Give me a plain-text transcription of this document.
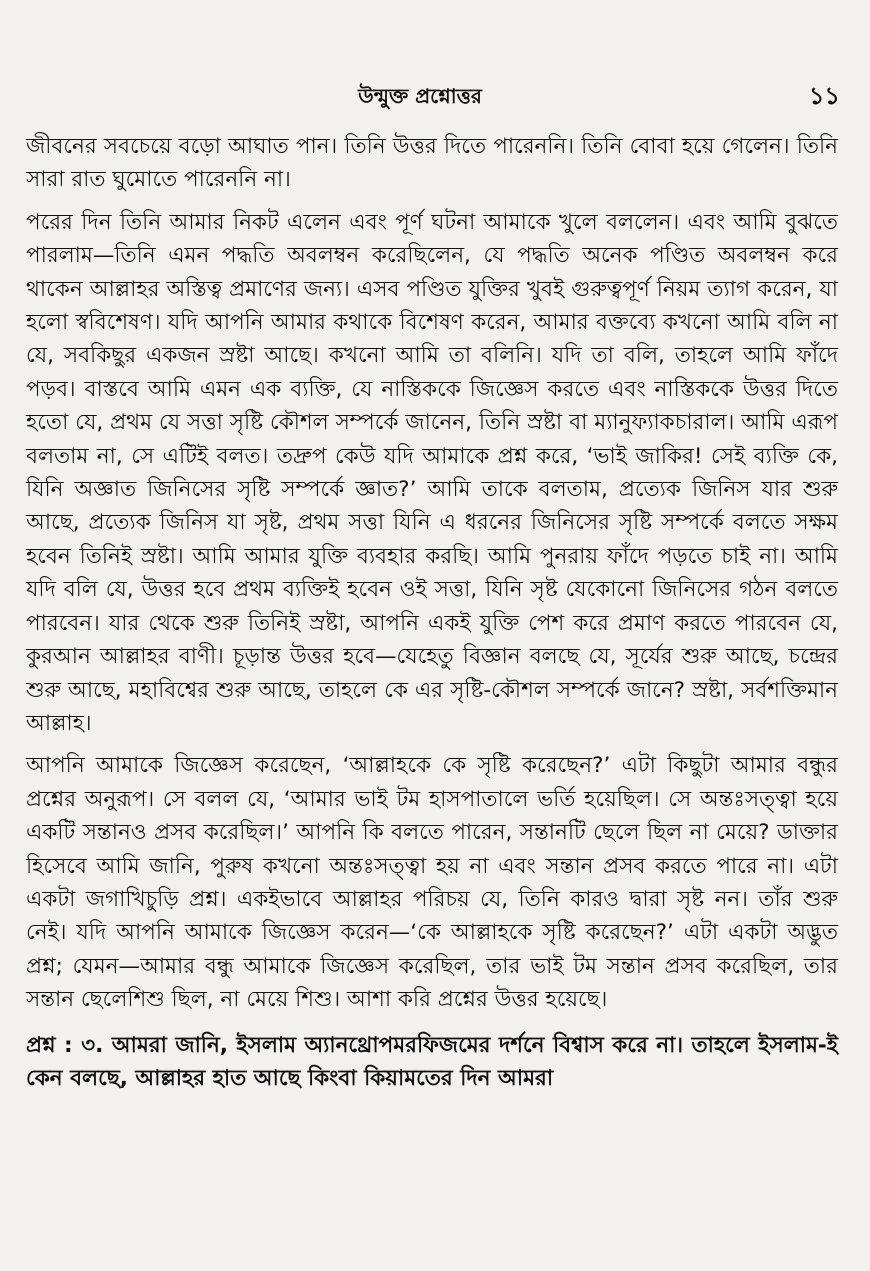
উন্মুক্ত প্রশ্নোত্তর	১১

জীবনের সবচেয়ে বড়ো আঘাত পান। তিনি উত্তর দিতে পারেননি। তিনি বোবা হয়ে গেলেন। তিনি সারা রাত ঘুমোতে পারেননি না।

পরের দিন তিনি আমার নিকট এলেন এবং পূর্ণ ঘটনা আমাকে খুলে বললেন। এবং আমি বুঝতে পারলাম—তিনি এমন পদ্ধতি অবলম্বন করেছিলেন, যে পদ্ধতি অনেক পণ্ডিত অবলম্বন করে থাকেন আল্লাহর অস্তিত্ব প্রমাণের জন্য। এসব পণ্ডিত যুক্তির খুবই গুরুত্বপূর্ণ নিয়ম ত্যাগ করেন, যা হলো স্ববিশেষণ। যদি আপনি আমার কথাকে বিশেষণ করেন, আমার বক্তব্যে কখনো আমি বলি না যে, সবকিছুর একজন স্রষ্টা আছে। কখনো আমি তা বলিনি। যদি তা বলি, তাহলে আমি ফাঁদে পড়ব। বাস্তবে আমি এমন এক ব্যক্তি, যে নাস্তিককে জিজ্ঞেস করতে এবং নাস্তিককে উত্তর দিতে হতো যে, প্রথম যে সত্তা সৃষ্টি কৌশল সম্পর্কে জানেন, তিনি স্রষ্টা বা ম্যানুফ্যাকচারাল। আমি এরূপ বলতাম না, সে এটিই বলত। তদ্রুপ কেউ যদি আমাকে প্রশ্ন করে, ‘ভাই জাকির! সেই ব্যক্তি কে, যিনি অজ্ঞাত জিনিসের সৃষ্টি সম্পর্কে জ্ঞাত?’ আমি তাকে বলতাম, প্রত্যেক জিনিস যার শুরু আছে, প্রত্যেক জিনিস যা সৃষ্ট, প্রথম সত্তা যিনি এ ধরনের জিনিসের সৃষ্টি সম্পর্কে বলতে সক্ষম হবেন তিনিই স্রষ্টা। আমি আমার যুক্তি ব্যবহার করছি। আমি পুনরায় ফাঁদে পড়তে চাই না। আমি যদি বলি যে, উত্তর হবে প্রথম ব্যক্তিই হবেন ওই সত্তা, যিনি সৃষ্ট যেকোনো জিনিসের গঠন বলতে পারবেন। যার থেকে শুরু তিনিই স্রষ্টা, আপনি একই যুক্তি পেশ করে প্রমাণ করতে পারবেন যে, কুরআন আল্লাহর বাণী। চূড়ান্ত উত্তর হবে—যেহেতু বিজ্ঞান বলছে যে, সূর্যের শুরু আছে, চন্দ্রের শুরু আছে, মহাবিশ্বের শুরু আছে, তাহলে কে এর সৃষ্টি-কৌশল সম্পর্কে জানে? স্রষ্টা, সর্বশক্তিমান আল্লাহ।

আপনি আমাকে জিজ্ঞেস করেছেন, ‘আল্লাহকে কে সৃষ্টি করেছেন?’ এটা কিছুটা আমার বন্ধুর প্রশ্নের অনুরূপ। সে বলল যে, ‘আমার ভাই টম হাসপাতালে ভর্তি হয়েছিল। সে অন্তঃসত্ত্বা হয়ে একটি সন্তানও প্রসব করেছিল।’ আপনি কি বলতে পারেন, সন্তানটি ছেলে ছিল না মেয়ে? ডাক্তার হিসেবে আমি জানি, পুরুষ কখনো অন্তঃসত্ত্বা হয় না এবং সন্তান প্রসব করতে পারে না। এটা একটা জগাখিচুড়ি প্রশ্ন। একইভাবে আল্লাহর পরিচয় যে, তিনি কারও দ্বারা সৃষ্ট নন। তাঁর শুরু নেই। যদি আপনি আমাকে জিজ্ঞেস করেন—‘কে আল্লাহকে সৃষ্টি করেছেন?’ এটা একটা অদ্ভুত প্রশ্ন; যেমন—আমার বন্ধু আমাকে জিজ্ঞেস করেছিল, তার ভাই টম সন্তান প্রসব করেছিল, তার সন্তান ছেলেশিশু ছিল, না মেয়ে শিশু। আশা করি প্রশ্নের উত্তর হয়েছে।

প্রশ্ন : ৩. আমরা জানি, ইসলাম অ্যানথ্রোপমরফিজমের দর্শনে বিশ্বাস করে না। তাহলে ইসলাম-ই কেন বলছে, আল্লাহর হাত আছে কিংবা কিয়ামতের দিন আমরা
